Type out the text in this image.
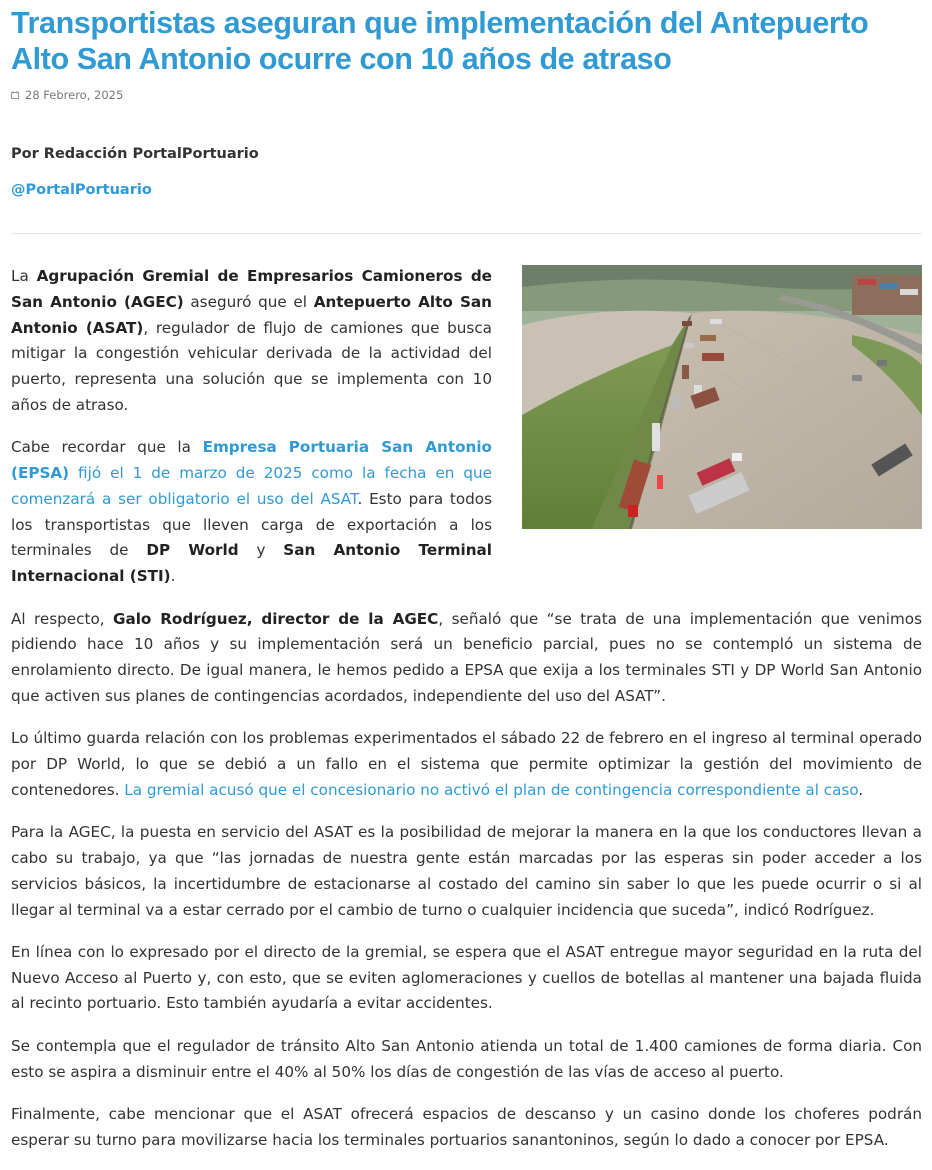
Transportistas aseguran que implementación del Antepuerto Alto San Antonio ocurre con 10 años de atraso
28 Febrero, 2025
Por Redacción PortalPortuario
@PortalPortuario

La Agrupación Gremial de Empresarios Camioneros de San Antonio (AGEC) aseguró que el Antepuerto Alto San Antonio (ASAT), regulador de flujo de camiones que busca mitigar la congestión vehicular derivada de la actividad del puerto, representa una solución que se implementa con 10 años de atraso.

Cabe recordar que la Empresa Portuaria San Antonio (EPSA) fijó el 1 de marzo de 2025 como la fecha en que comenzará a ser obligatorio el uso del ASAT. Esto para todos los transportistas que lleven carga de exportación a los terminales de DP World y San Antonio Terminal Internacional (STI).

Al respecto, Galo Rodríguez, director de la AGEC, señaló que “se trata de una implementación que venimos pidiendo hace 10 años y su implementación será un beneficio parcial, pues no se contempló un sistema de enrolamiento directo. De igual manera, le hemos pedido a EPSA que exija a los terminales STI y DP World San Antonio que activen sus planes de contingencias acordados, independiente del uso del ASAT”.

Lo último guarda relación con los problemas experimentados el sábado 22 de febrero en el ingreso al terminal operado por DP World, lo que se debió a un fallo en el sistema que permite optimizar la gestión del movimiento de contenedores. La gremial acusó que el concesionario no activó el plan de contingencia correspondiente al caso.

Para la AGEC, la puesta en servicio del ASAT es la posibilidad de mejorar la manera en la que los conductores llevan a cabo su trabajo, ya que “las jornadas de nuestra gente están marcadas por las esperas sin poder acceder a los servicios básicos, la incertidumbre de estacionarse al costado del camino sin saber lo que les puede ocurrir o si al llegar al terminal va a estar cerrado por el cambio de turno o cualquier incidencia que suceda”, indicó Rodríguez.

En línea con lo expresado por el directo de la gremial, se espera que el ASAT entregue mayor seguridad en la ruta del Nuevo Acceso al Puerto y, con esto, que se eviten aglomeraciones y cuellos de botellas al mantener una bajada fluida al recinto portuario. Esto también ayudaría a evitar accidentes.

Se contempla que el regulador de tránsito Alto San Antonio atienda un total de 1.400 camiones de forma diaria. Con esto se aspira a disminuir entre el 40% al 50% los días de congestión de las vías de acceso al puerto.

Finalmente, cabe mencionar que el ASAT ofrecerá espacios de descanso y un casino donde los choferes podrán esperar su turno para movilizarse hacia los terminales portuarios sanantoninos, según lo dado a conocer por EPSA.
